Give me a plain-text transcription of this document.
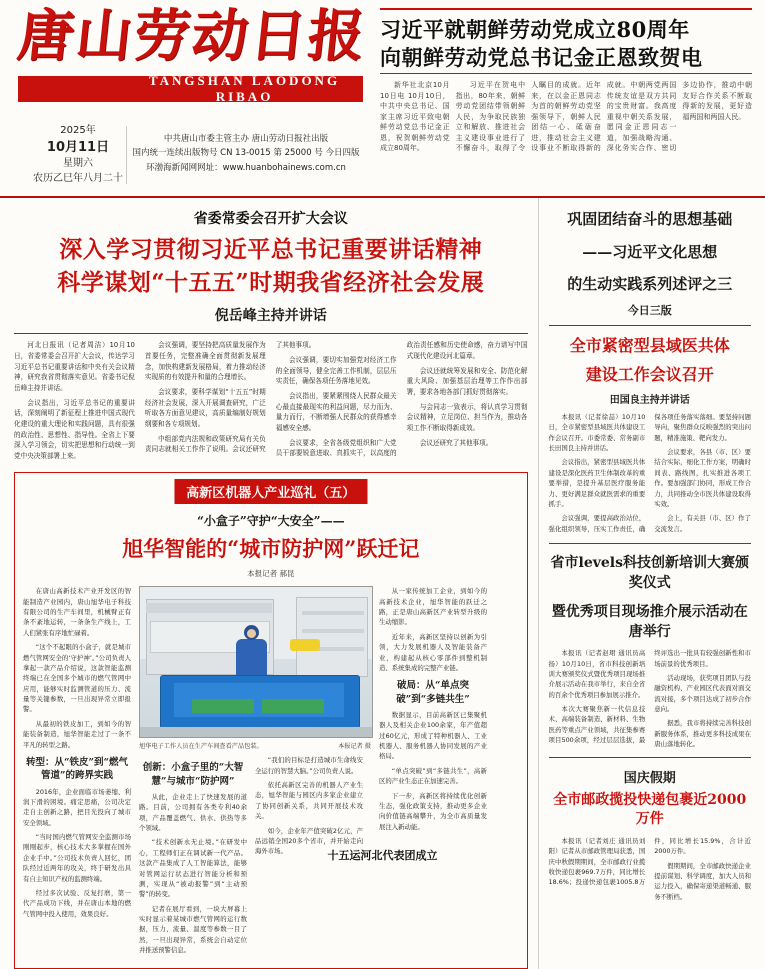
唐山劳动日报
TANGSHAN LAODONG RIBAO
2025年
10月11日
星期六
农历乙巳年八月二十
中共唐山市委主管主办 唐山劳动日报社出版
国内统一连续出版物号 CN 13-0015 第 25000 号 今日四版
环渤海新闻网网址：www.huanbohainews.com.cn
习近平就朝鲜劳动党成立80周年
向朝鲜劳动党总书记金正恩致贺电

新华社北京10月10日电 10月10日，中共中央总书记、国家主席习近平致电朝鲜劳动党总书记金正恩，祝贺朝鲜劳动党成立80周年。

习近平在贺电中指出，80年来，朝鲜劳动党团结带领朝鲜人民，为争取民族独立和解放、推进社会主义建设事业进行了不懈奋斗，取得了令人瞩目的成就。近年来，在以金正恩同志为首的朝鲜劳动党坚强领导下，朝鲜人民团结一心、砥砺奋进，推动社会主义建设事业不断取得新的成就。中朝两党两国传统友谊是双方共同的宝贵财富。我高度重视中朝关系发展，愿同金正恩同志一道，加强战略沟通、深化务实合作、密切多边协作，推动中朝友好合作关系不断取得新的发展，更好造福两国和两国人民。

省委常委会召开扩大会议
深入学习贯彻习近平总书记重要讲话精神
科学谋划“十五五”时期我省经济社会发展
倪岳峰主持并讲话

河北日报讯（记者周洁）10月10日，省委常委会召开扩大会议，传达学习习近平总书记重要讲话和中央有关会议精神，研究我省贯彻落实意见。省委书记倪岳峰主持并讲话。

会议指出，习近平总书记的重要讲话，深刻阐明了新征程上推进中国式现代化建设的重大理论和实践问题，具有很强的政治性、思想性、指导性。全省上下要深入学习领会，切实把思想和行动统一到党中央决策部署上来。

会议强调，要坚持把高质量发展作为首要任务，完整准确全面贯彻新发展理念，加快构建新发展格局，着力推动经济实现质的有效提升和量的合理增长。

会议要求，要科学谋划“十五五”时期经济社会发展，深入开展调查研究，广泛听取各方面意见建议，高质量编制好规划纲要和各专项规划。

中组部党内法规和政策研究局有关负责同志就相关工作作了说明。会议还研究了其他事项。

会议强调，要切实加强党对经济工作的全面领导，健全完善工作机制，层层压实责任，确保各项任务落地见效。

会议指出，要紧紧围绕人民群众最关心最直接最现实的利益问题，尽力而为、量力而行，不断增强人民群众的获得感幸福感安全感。

会议要求，全省各级党组织和广大党员干部要锐意进取、真抓实干，以高度的政治责任感和历史使命感，奋力谱写中国式现代化建设河北篇章。

会议还就统筹发展和安全、防范化解重大风险、加强基层治理等工作作出部署，要求各地各部门抓好贯彻落实。

与会同志一致表示，将认真学习贯彻会议精神，立足岗位、担当作为，推动各项工作不断取得新成效。

会议还研究了其他事项。

高新区机器人产业巡礼（五）
“小盒子”守护“大安全”——
旭华智能的“城市防护网”跃迁记
本报记者 郝昆

在唐山高新技术产业开发区的智能制造产业园内，唐山旭华电子科技有限公司的生产车间里，机械臂正有条不紊地运转，一条条生产线上，工人们紧张有序地忙碌着。

“这个不起眼的小盒子，就是城市燃气管网安全的‘守护神’。”公司负责人拿起一款产品介绍说，这款智能监测终端已在全国多个城市的燃气管网中应用，能够实时监测管道的压力、流量等关键参数，一旦出现异常立即报警。

从最初的铁皮加工，到如今的智能装备制造，旭华智能走过了一条不平凡的转型之路。

转型：从“铁皮”到“燃气管道”的跨界实践

2016年，企业面临市场萎缩、利润下滑的困境。痛定思痛，公司决定走自主创新之路，把目光投向了城市安全领域。

“当时国内燃气管网安全监测市场刚刚起步，核心技术大多掌握在国外企业手中。”公司技术负责人回忆，团队经过近两年的攻关，终于研发出具有自主知识产权的监测终端。

经过多次试验、反复打磨，第一代产品成功下线，并在唐山本地的燃气管网中投入使用，效果良好。

旭华电子工作人员在生产车间查看产品包装。	本报记者 摄
创新：小盒子里的“大智慧”与城市“防护网”

从此，企业走上了快速发展的道路。目前，公司拥有各类专利40余项，产品覆盖燃气、供水、供热等多个领域。

“技术创新永无止境。”在研发中心，工程师们正在调试新一代产品。这款产品集成了人工智能算法，能够对管网运行状态进行智能分析和预测，实现从“被动报警”到“主动预警”的转变。

记者在展厅看到，一块大屏幕上实时显示着某城市燃气管网的运行数据，压力、流量、温度等参数一目了然，一旦出现异常，系统会自动定位并推送预警信息。

“我们的目标是打造城市生命线安全运行的智慧大脑。”公司负责人说。

依托高新区完善的机器人产业生态，旭华智能与园区内多家企业建立了协同创新关系，共同开展技术攻关。

如今，企业年产值突破2亿元，产品远销全国20多个省市，并开始走向海外市场。

从一家传统加工企业，到如今的高新技术企业，旭华智能的跃迁之路，正是唐山高新区产业转型升级的生动缩影。

近年来，高新区坚持以创新为引领，大力发展机器人及智能装备产业，构建起从核心零部件到整机制造、系统集成的完整产业链。

破局：从“单点突破”到“多链共生”

数据显示，目前高新区已集聚机器人及相关企业100余家，年产值超过60亿元，形成了特种机器人、工业机器人、服务机器人协同发展的产业格局。

“单点突破”到“多链共生”，高新区的产业生态正在加速完善。

下一步，高新区将持续优化创新生态，强化政策支持，推动更多企业向价值链高端攀升，为全市高质量发展注入新动能。

巩固团结奋斗的思想基础
——习近平文化思想
的生动实践系列述评之三
今日三版
全市紧密型县域医共体
建设工作会议召开
田国良主持并讲话

本报讯（记者徐喆）10月10日，全市紧密型县域医共体建设工作会议召开。市委常委、常务副市长田国良主持并讲话。

会议指出，紧密型县域医共体建设是深化医药卫生体制改革的重要举措，是提升基层医疗服务能力、更好满足群众就医需求的重要抓手。

会议强调，要提高政治站位，强化组织领导，压实工作责任，确保各项任务落实落细。要坚持问题导向，聚焦群众反映强烈的突出问题，精准施策、靶向发力。

会议要求，各县（市、区）要结合实际，细化工作方案，明确时间表、路线图，扎实推进各项工作。要加强部门协同，形成工作合力，共同推动全市医共体建设取得实效。

会上，有关县（市、区）作了交流发言。

省市levels科技创新培训大赛颁奖仪式
暨优秀项目现场推介展示活动在唐举行

本报讯（记者赵珺 通讯员高扬）10月10日，省市科技创新培训大赛颁奖仪式暨优秀项目现场推介展示活动在我市举行，来自全省的百余个优秀项目参加展示推介。

本次大赛聚焦新一代信息技术、高端装备制造、新材料、生物医药等重点产业领域，共征集参赛项目500余项，经过层层选拔，最终评选出一批具有较强创新性和市场前景的优秀项目。

活动现场，获奖项目团队与投融资机构、产业园区代表面对面交流对接，多个项目达成了初步合作意向。

据悉，我市将持续完善科技创新服务体系，推动更多科技成果在唐山落地转化。

国庆假期
全市邮政揽投快递包裹近2000万件

本报讯（记者刘庄 通讯员刘阳）记者从市邮政管理局获悉，国庆中秋假期期间，全市邮政行业揽收快递包裹969.7万件，同比增长18.6%；投递快递包裹1005.8万件，同比增长15.9%，合计近2000万件。

假期期间，全市邮政快递企业提前谋划、科学调度，加大人员和运力投入，确保寄递渠道畅通、服务不断档。

十五运河北代表团成立
